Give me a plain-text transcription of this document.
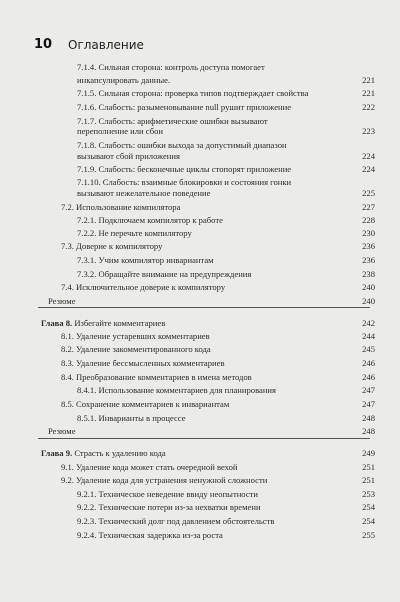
10 Оглавление
7.1.4. Сильная сторона: контроль доступа помогает
инкапсулировать данные.	221
7.1.5. Сильная сторона: проверка типов подтверждает свойства	221
7.1.6. Слабость: разыменовывание null рушит приложение	222
7.1.7. Слабость: арифметические ошибки вызывают
переполнение или сбои	223
7.1.8. Слабость: ошибки выхода за допустимый диапазон
вызывают сбой приложения	224
7.1.9. Слабость: бесконечные циклы стопорят приложение	224
7.1.10. Слабость: взаимные блокировки и состояния гонки
вызывают нежелательное поведение	225
7.2. Использование компилятора	227
7.2.1. Подключаем компилятор к работе	228
7.2.2. Не перечьте компилятору	230
7.3. Доверие к компилятору	236
7.3.1. Учим компилятор инвариантам	236
7.3.2. Обращайте внимание на предупреждения	238
7.4. Исключительное доверие к компилятору	240
Резюме	240
Глава 8. Избегайте комментариев	242
8.1. Удаление устаревших комментариев	244
8.2. Удаление закомментированного кода	245
8.3. Удаление бессмысленных комментариев	246
8.4. Преобразование комментариев в имена методов	246
8.4.1. Использование комментариев для планирования	247
8.5. Сохранение комментариев к инвариантам	247
8.5.1. Инварианты в процессе	248
Резюме	248
Глава 9. Страсть к удалению кода	249
9.1. Удаление кода может стать очередной вехой	251
9.2. Удаление кода для устранения ненужной сложности	251
9.2.1. Техническое неведение ввиду неопытности	253
9.2.2. Технические потери из-за нехватки времени	254
9.2.3. Технический долг под давлением обстоятельств	254
9.2.4. Техническая задержка из-за роста	255
